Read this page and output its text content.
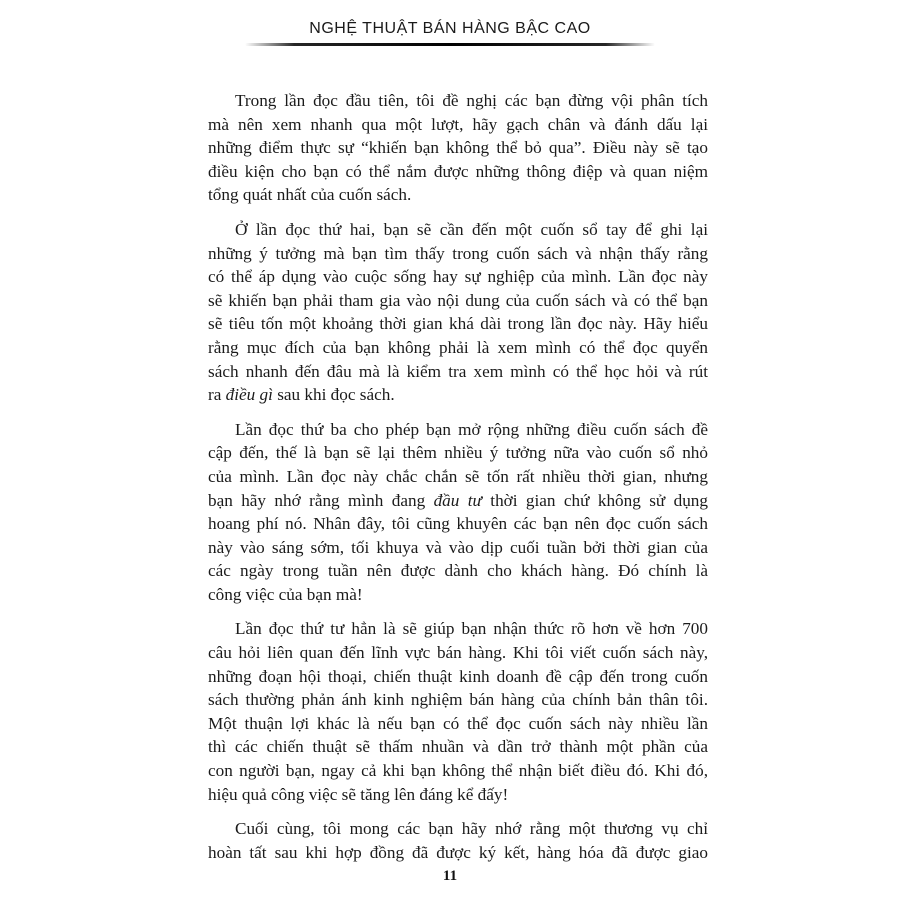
NGHỆ THUẬT BÁN HÀNG BẬC CAO
Trong lần đọc đầu tiên, tôi đề nghị các bạn đừng vội phân tích
mà nên xem nhanh qua một lượt, hãy gạch chân và đánh dấu lại
những điểm thực sự “khiến bạn không thể bỏ qua”. Điều này sẽ tạo
điều kiện cho bạn có thể nắm được những thông điệp và quan niệm
tổng quát nhất của cuốn sách.
Ở lần đọc thứ hai, bạn sẽ cần đến một cuốn sổ tay để ghi lại
những ý tưởng mà bạn tìm thấy trong cuốn sách và nhận thấy rằng
có thể áp dụng vào cuộc sống hay sự nghiệp của mình. Lần đọc này
sẽ khiến bạn phải tham gia vào nội dung của cuốn sách và có thể bạn
sẽ tiêu tốn một khoảng thời gian khá dài trong lần đọc này. Hãy hiểu
rằng mục đích của bạn không phải là xem mình có thể đọc quyển
sách nhanh đến đâu mà là kiểm tra xem mình có thể học hỏi và rút
ra điều gì sau khi đọc sách.
Lần đọc thứ ba cho phép bạn mở rộng những điều cuốn sách đề
cập đến, thế là bạn sẽ lại thêm nhiều ý tưởng nữa vào cuốn sổ nhỏ
của mình. Lần đọc này chắc chắn sẽ tốn rất nhiều thời gian, nhưng
bạn hãy nhớ rằng mình đang đầu tư thời gian chứ không sử dụng
hoang phí nó. Nhân đây, tôi cũng khuyên các bạn nên đọc cuốn sách
này vào sáng sớm, tối khuya và vào dịp cuối tuần bởi thời gian của
các ngày trong tuần nên được dành cho khách hàng. Đó chính là
công việc của bạn mà!
Lần đọc thứ tư hẳn là sẽ giúp bạn nhận thức rõ hơn về hơn 700
câu hỏi liên quan đến lĩnh vực bán hàng. Khi tôi viết cuốn sách này,
những đoạn hội thoại, chiến thuật kinh doanh đề cập đến trong cuốn
sách thường phản ánh kinh nghiệm bán hàng của chính bản thân tôi.
Một thuận lợi khác là nếu bạn có thể đọc cuốn sách này nhiều lần
thì các chiến thuật sẽ thấm nhuần và dần trở thành một phần của
con người bạn, ngay cả khi bạn không thể nhận biết điều đó. Khi đó,
hiệu quả công việc sẽ tăng lên đáng kể đấy!
Cuối cùng, tôi mong các bạn hãy nhớ rằng một thương vụ chỉ
hoàn tất sau khi hợp đồng đã được ký kết, hàng hóa đã được giao
11
